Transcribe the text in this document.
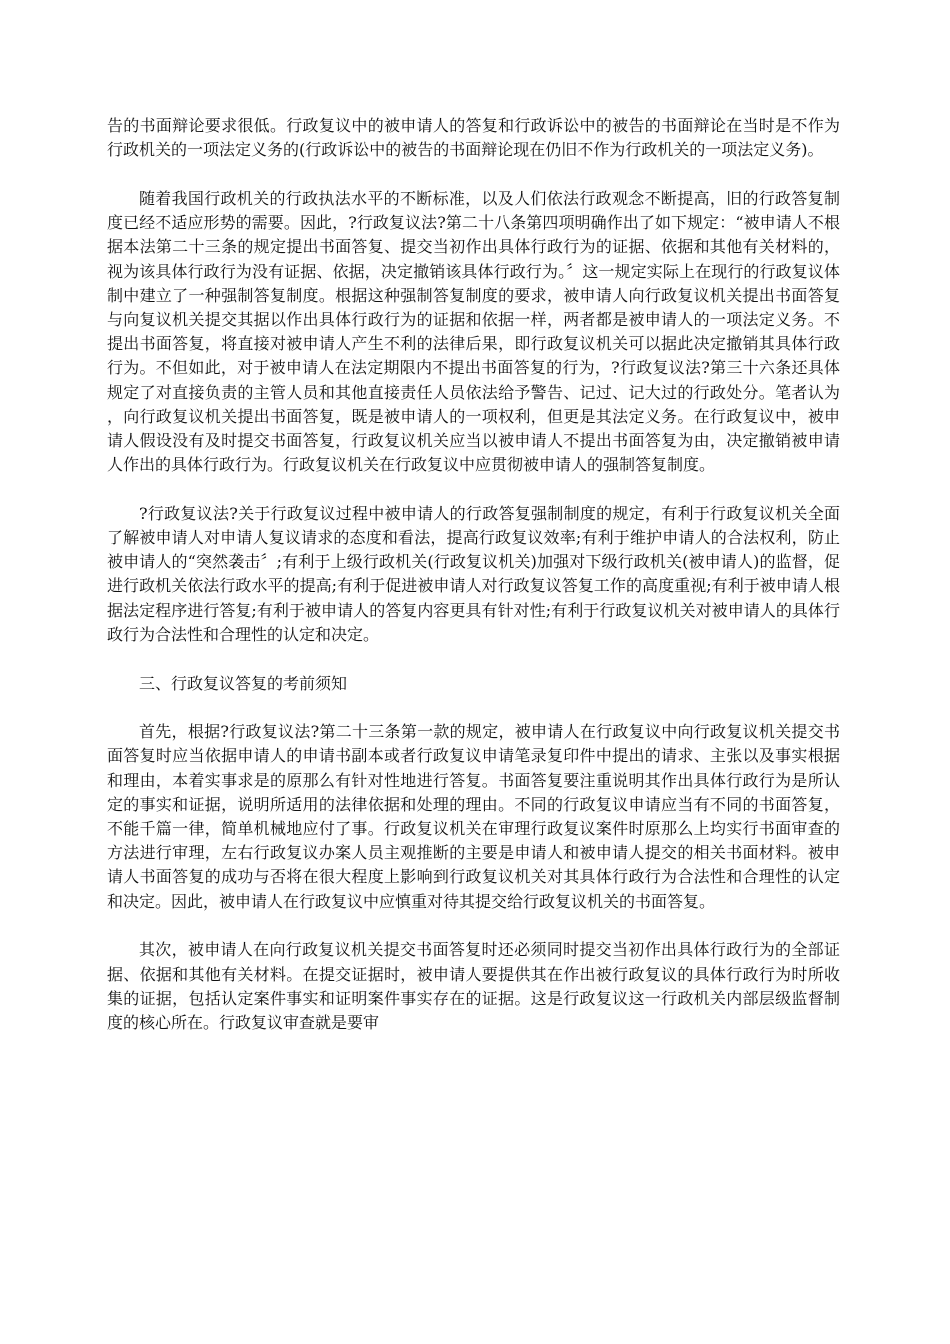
告的书面辩论要求很低。行政复议中的被申请人的答复和行政诉讼中的被告的书面辩论在当时是不作为行政机关的一项法定义务的(行政诉讼中的被告的书面辩论现在仍旧不作为行政机关的一项法定义务)。

随着我国行政机关的行政执法水平的不断标准，以及人们依法行政观念不断提高，旧的行政答复制度已经不适应形势的需要。因此，?行政复议法?第二十八条第四项明确作出了如下规定：“被申请人不根据本法第二十三条的规定提出书面答复、提交当初作出具体行政行为的证据、依据和其他有关材料的，视为该具体行政行为没有证据、依据，决定撤销该具体行政行为。〞这一规定实际上在现行的行政复议体制中建立了一种强制答复制度。根据这种强制答复制度的要求，被申请人向行政复议机关提出书面答复与向复议机关提交其据以作出具体行政行为的证据和依据一样，两者都是被申请人的一项法定义务。不提出书面答复，将直接对被申请人产生不利的法律后果，即行政复议机关可以据此决定撤销其具体行政行为。不但如此，对于被申请人在法定期限内不提出书面答复的行为，?行政复议法?第三十六条还具体规定了对直接负责的主管人员和其他直接责任人员依法给予警告、记过、记大过的行政处分。笔者认为，向行政复议机关提出书面答复，既是被申请人的一项权利，但更是其法定义务。在行政复议中，被申请人假设没有及时提交书面答复，行政复议机关应当以被申请人不提出书面答复为由，决定撤销被申请人作出的具体行政行为。行政复议机关在行政复议中应贯彻被申请人的强制答复制度。

?行政复议法?关于行政复议过程中被申请人的行政答复强制制度的规定，有利于行政复议机关全面了解被申请人对申请人复议请求的态度和看法，提高行政复议效率;有利于维护申请人的合法权利，防止被申请人的“突然袭击〞;有利于上级行政机关(行政复议机关)加强对下级行政机关(被申请人)的监督，促进行政机关依法行政水平的提高;有利于促进被申请人对行政复议答复工作的高度重视;有利于被申请人根据法定程序进行答复;有利于被申请人的答复内容更具有针对性;有利于行政复议机关对被申请人的具体行政行为合法性和合理性的认定和决定。

三、行政复议答复的考前须知

首先，根据?行政复议法?第二十三条第一款的规定，被申请人在行政复议中向行政复议机关提交书面答复时应当依据申请人的申请书副本或者行政复议申请笔录复印件中提出的请求、主张以及事实根据和理由，本着实事求是的原那么有针对性地进行答复。书面答复要注重说明其作出具体行政行为是所认定的事实和证据，说明所适用的法律依据和处理的理由。不同的行政复议申请应当有不同的书面答复，不能千篇一律，简单机械地应付了事。行政复议机关在审理行政复议案件时原那么上均实行书面审查的方法进行审理，左右行政复议办案人员主观推断的主要是申请人和被申请人提交的相关书面材料。被申请人书面答复的成功与否将在很大程度上影响到行政复议机关对其具体行政行为合法性和合理性的认定和决定。因此，被申请人在行政复议中应慎重对待其提交给行政复议机关的书面答复。

其次，被申请人在向行政复议机关提交书面答复时还必须同时提交当初作出具体行政行为的全部证据、依据和其他有关材料。在提交证据时，被申请人要提供其在作出被行政复议的具体行政行为时所收集的证据，包括认定案件事实和证明案件事实存在的证据。这是行政复议这一行政机关内部层级监督制度的核心所在。行政复议审查就是要审
